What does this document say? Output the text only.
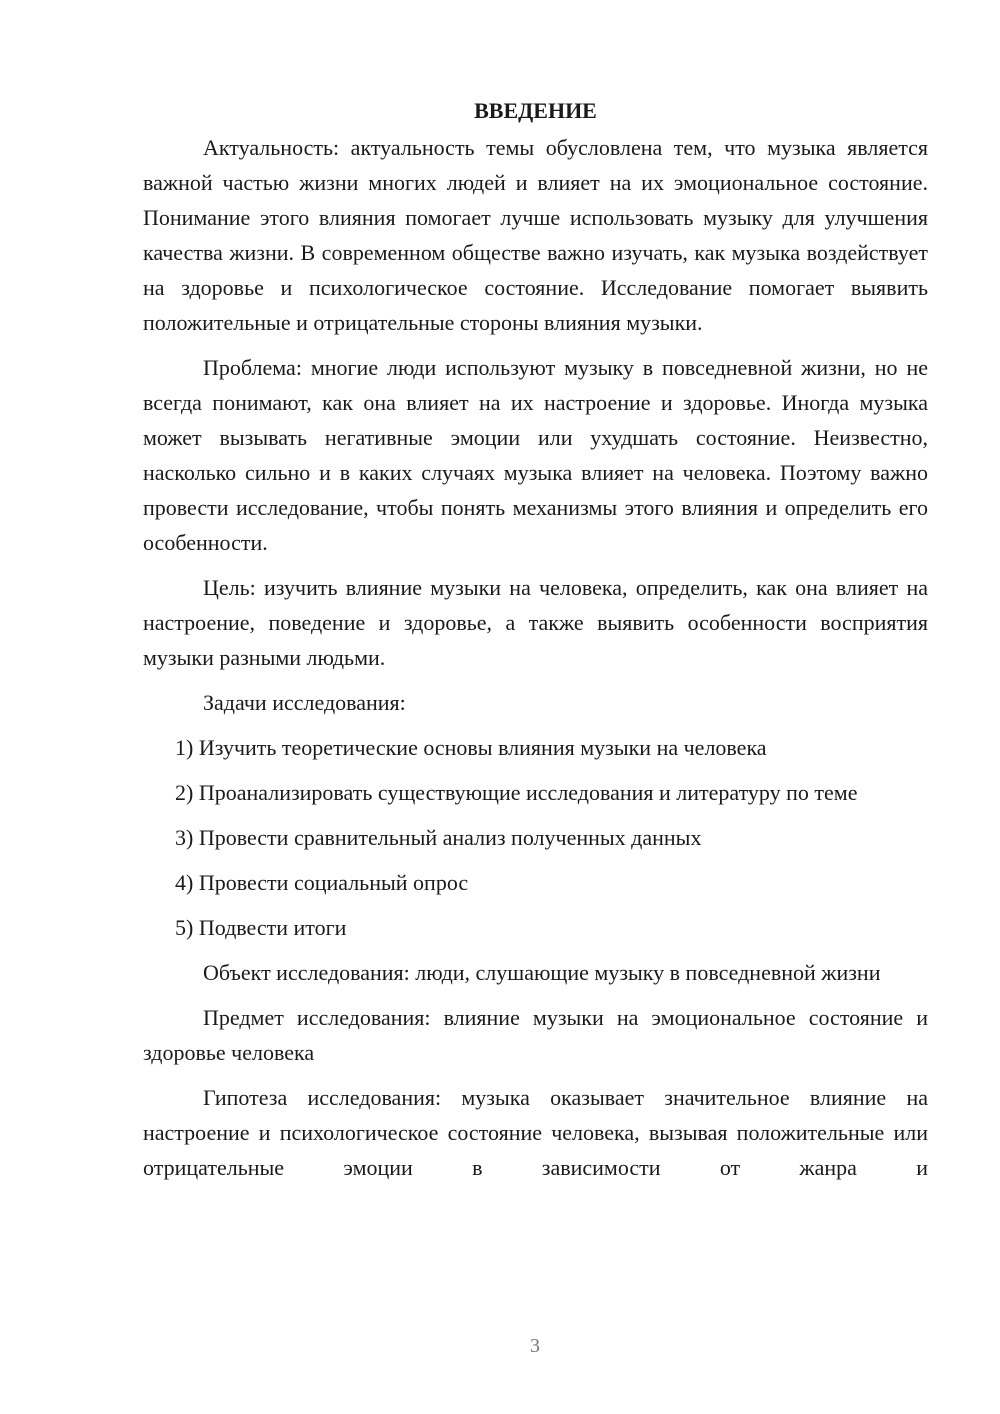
ВВЕДЕНИЕ

Актуальность: актуальность темы обусловлена тем, что музыка является важной частью жизни многих людей и влияет на их эмоциональное состояние. Понимание этого влияния помогает лучше использовать музыку для улучшения качества жизни. В современном обществе важно изучать, как музыка воздействует на здоровье и психологическое состояние. Исследование помогает выявить положительные и отрицательные стороны влияния музыки.

Проблема: многие люди используют музыку в повседневной жизни, но не всегда понимают, как она влияет на их настроение и здоровье. Иногда музыка может вызывать негативные эмоции или ухудшать состояние. Неизвестно, насколько сильно и в каких случаях музыка влияет на человека. Поэтому важно провести исследование, чтобы понять механизмы этого влияния и определить его особенности.

Цель: изучить влияние музыки на человека, определить, как она влияет на настроение, поведение и здоровье, а также выявить особенности восприятия музыки разными людьми.

Задачи исследования:

1) Изучить теоретические основы влияния музыки на человека

2) Проанализировать существующие исследования и литературу по теме

3) Провести сравнительный анализ полученных данных

4) Провести социальный опрос

5) Подвести итоги

Объект исследования: люди, слушающие музыку в повседневной жизни

Предмет исследования: влияние музыки на эмоциональное состояние и здоровье человека

Гипотеза исследования: музыка оказывает значительное влияние на настроение и психологическое состояние человека, вызывая положительные или отрицательные эмоции в зависимости от жанра и

3
